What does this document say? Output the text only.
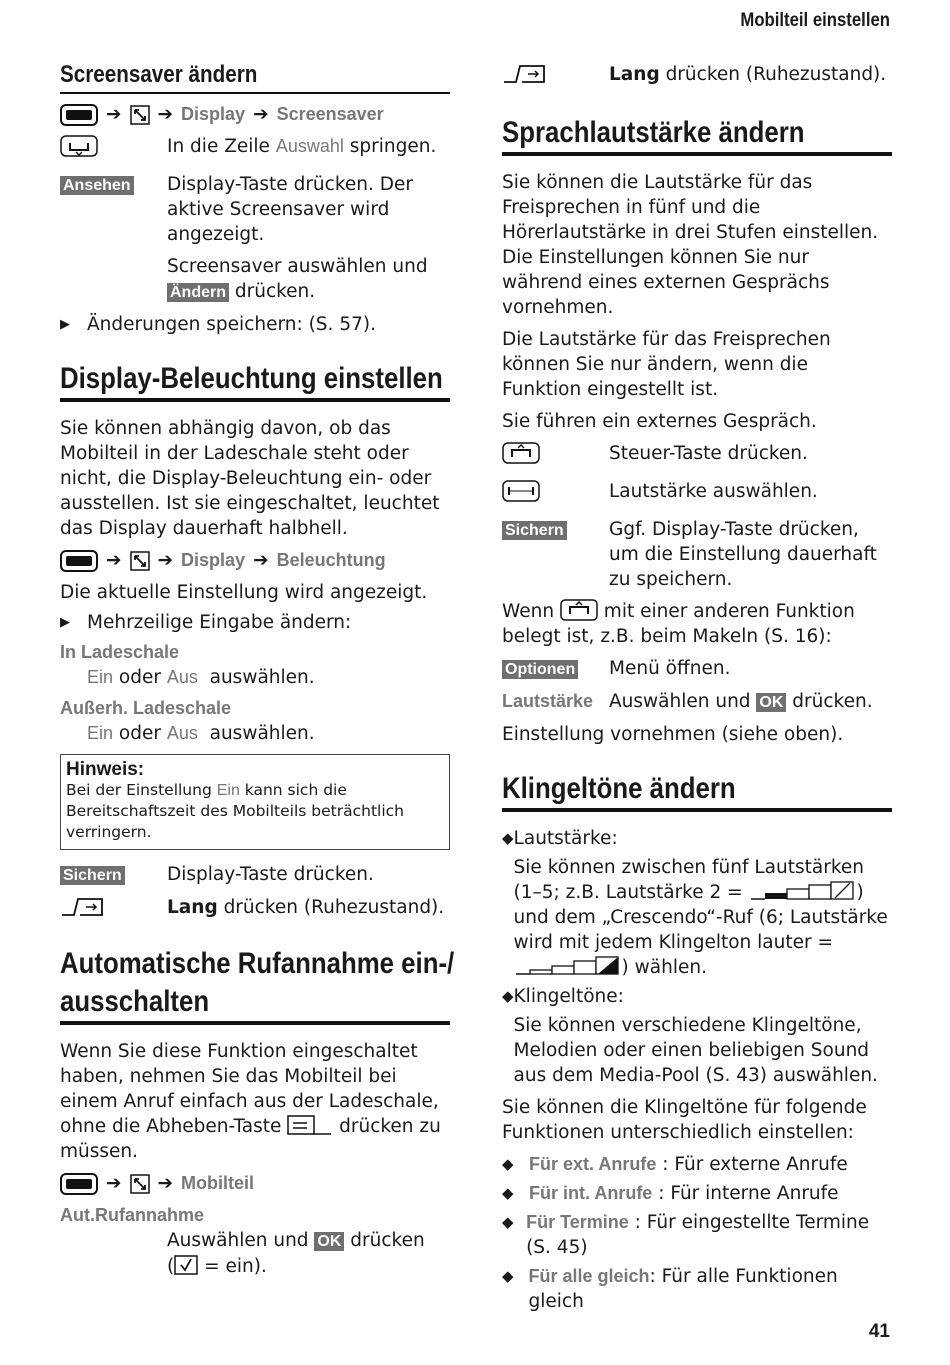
Mobilteil einstellen
Screensaver ändern
➔ ➔ Display ➔ Screensaver
In die Zeile Auswahl springen.
Ansehen	Display-Taste drücken. Der aktive Screensaver wird angezeigt.
Screensaver auswählen und
Ändern drücken.
▶ Änderungen speichern: (S. 57).
Display-Beleuchtung einstellen

Sie können abhängig davon, ob das Mobilteil in der Ladeschale steht oder nicht, die Display-Beleuchtung ein- oder ausstellen. Ist sie eingeschaltet, leuchtet das Display dauerhaft halbhell.

➔ ➔ Display ➔ Beleuchtung

Die aktuelle Einstellung wird angezeigt.

▶ Mehrzeilige Eingabe ändern:
In Ladeschale
Ein oder Aus  auswählen.
Außerh. Ladeschale
Ein oder Aus  auswählen.
Hinweis:
Bei der Einstellung Ein kann sich die Bereitschaftszeit des Mobilteils beträchtlich verringern.
Sichern	Display-Taste drücken.
Lang drücken (Ruhezustand).
Automatische Rufannahme ein-/
ausschalten

Wenn Sie diese Funktion eingeschaltet haben, nehmen Sie das Mobilteil bei einem Anruf einfach aus der Ladeschale, ohne die Abheben-Taste  drücken zu müssen.

➔ ➔ Mobilteil
Aut.Rufannahme
Auswählen und OK drücken
( = ein).
Lang drücken (Ruhezustand).
Sprachlautstärke ändern

Sie können die Lautstärke für das Freisprechen in fünf und die Hörerlautstärke in drei Stufen einstellen. Die Einstellungen können Sie nur während eines externen Gesprächs vornehmen.

Die Lautstärke für das Freisprechen können Sie nur ändern, wenn die Funktion eingestellt ist.

Sie führen ein externes Gespräch.

Steuer-Taste drücken.
Lautstärke auswählen.
Sichern	Ggf. Display-Taste drücken, um die Einstellung dauerhaft zu speichern.

Wenn  mit einer anderen Funktion belegt ist, z.B. beim Makeln (S. 16):

Optionen	Menü öffnen.
Lautstärke Auswählen und OK drücken.

Einstellung vornehmen (siehe oben).

Klingeltöne ändern
◆ Lautstärke:
Sie können zwischen fünf Lautstärken (1–5; z.B. Lautstärke 2 =	) und dem „Crescendo“-Ruf (6; Lautstärke wird mit jedem Klingelton lauter = ) wählen.
◆ Klingeltöne:
Sie können verschiedene Klingeltöne, Melodien oder einen beliebigen Sound aus dem Media-Pool (S. 43) auswählen.

Sie können die Klingeltöne für folgende Funktionen unterschiedlich einstellen:

◆ Für ext. Anrufe : Für externe Anrufe
◆ Für int. Anrufe : Für interne Anrufe
◆ Für Termine : Für eingestellte Termine (S. 45)
◆ Für alle gleich: Für alle Funktionen gleich
41
